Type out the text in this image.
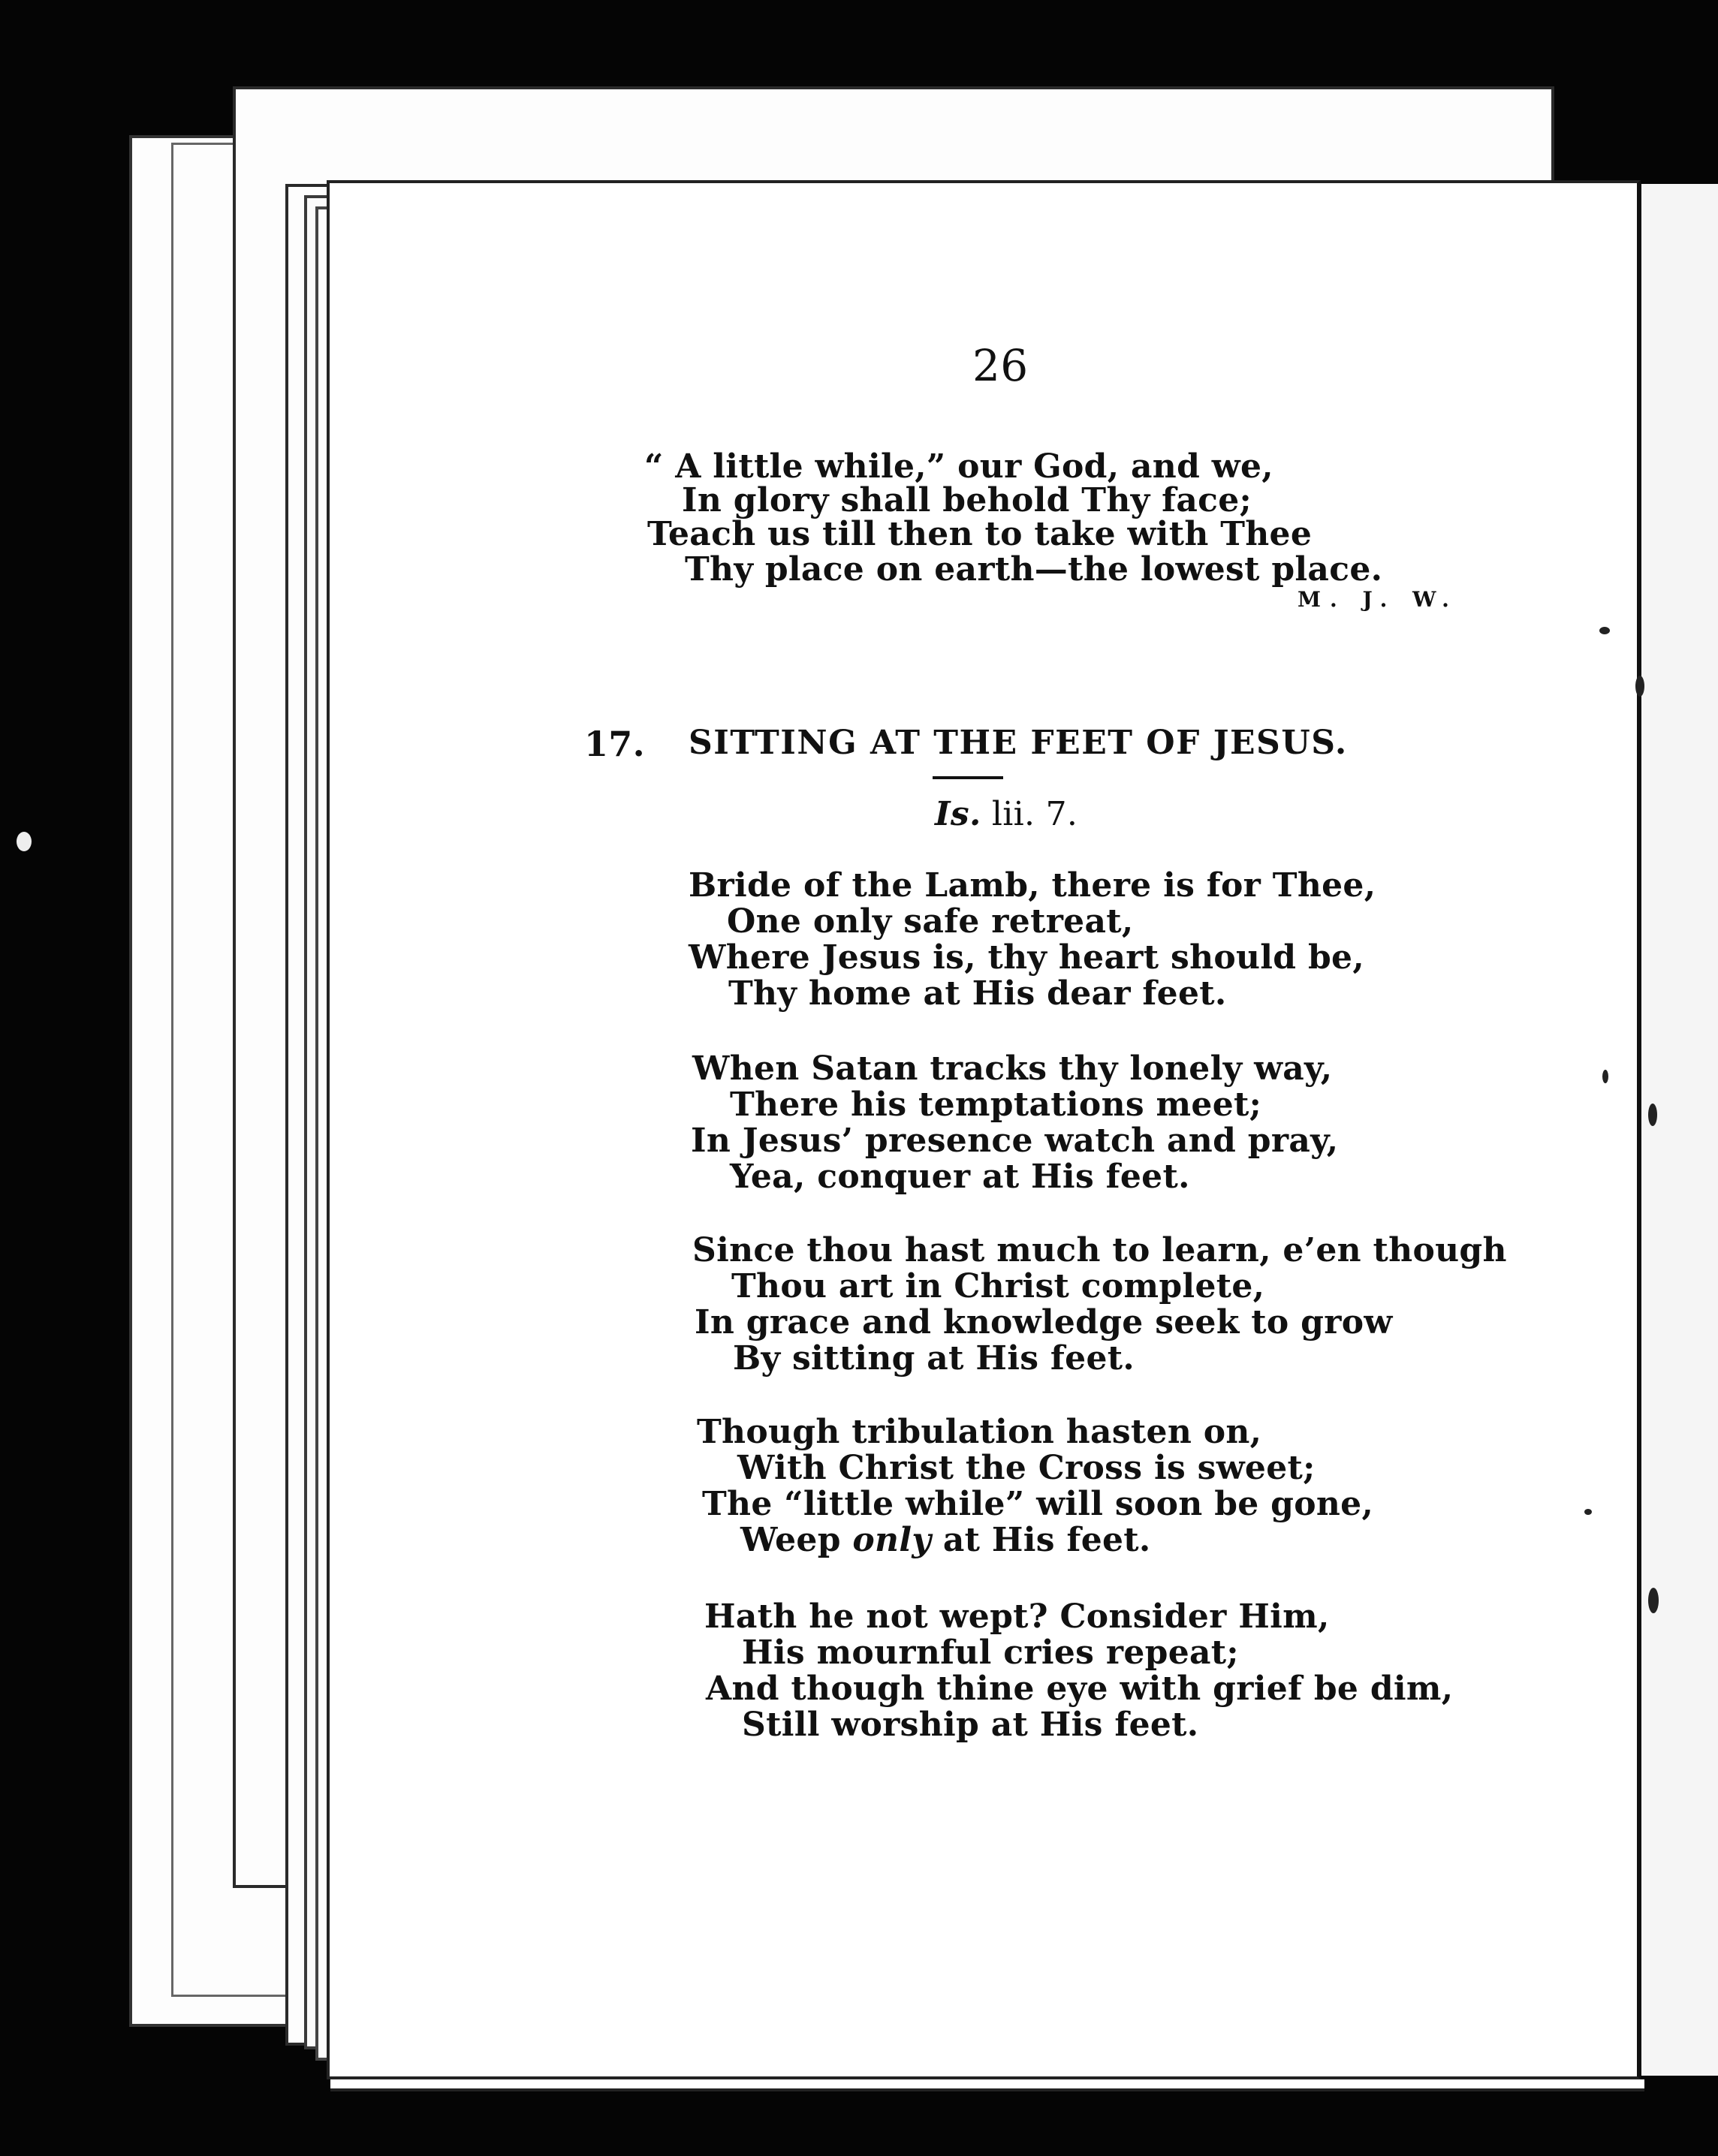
26
“ A little while,” our God, and we,
In glory shall behold Thy face;
Teach us till then to take with Thee
Thy place on earth—the lowest place.
M. J. W.
17. SITTING AT THE FEET OF JESUS.
Is. lii. 7.
Bride of the Lamb, there is for Thee,
One only safe retreat,
Where Jesus is, thy heart should be,
Thy home at His dear feet.
When Satan tracks thy lonely way,
There his temptations meet;
In Jesus’ presence watch and pray,
Yea, conquer at His feet.
Since thou hast much to learn, e’en though
Thou art in Christ complete,
In grace and knowledge seek to grow
By sitting at His feet.
Though tribulation hasten on,
With Christ the Cross is sweet;
The “little while” will soon be gone,
Weep only at His feet.
Hath he not wept? Consider Him,
His mournful cries repeat;
And though thine eye with grief be dim,
Still worship at His feet.
